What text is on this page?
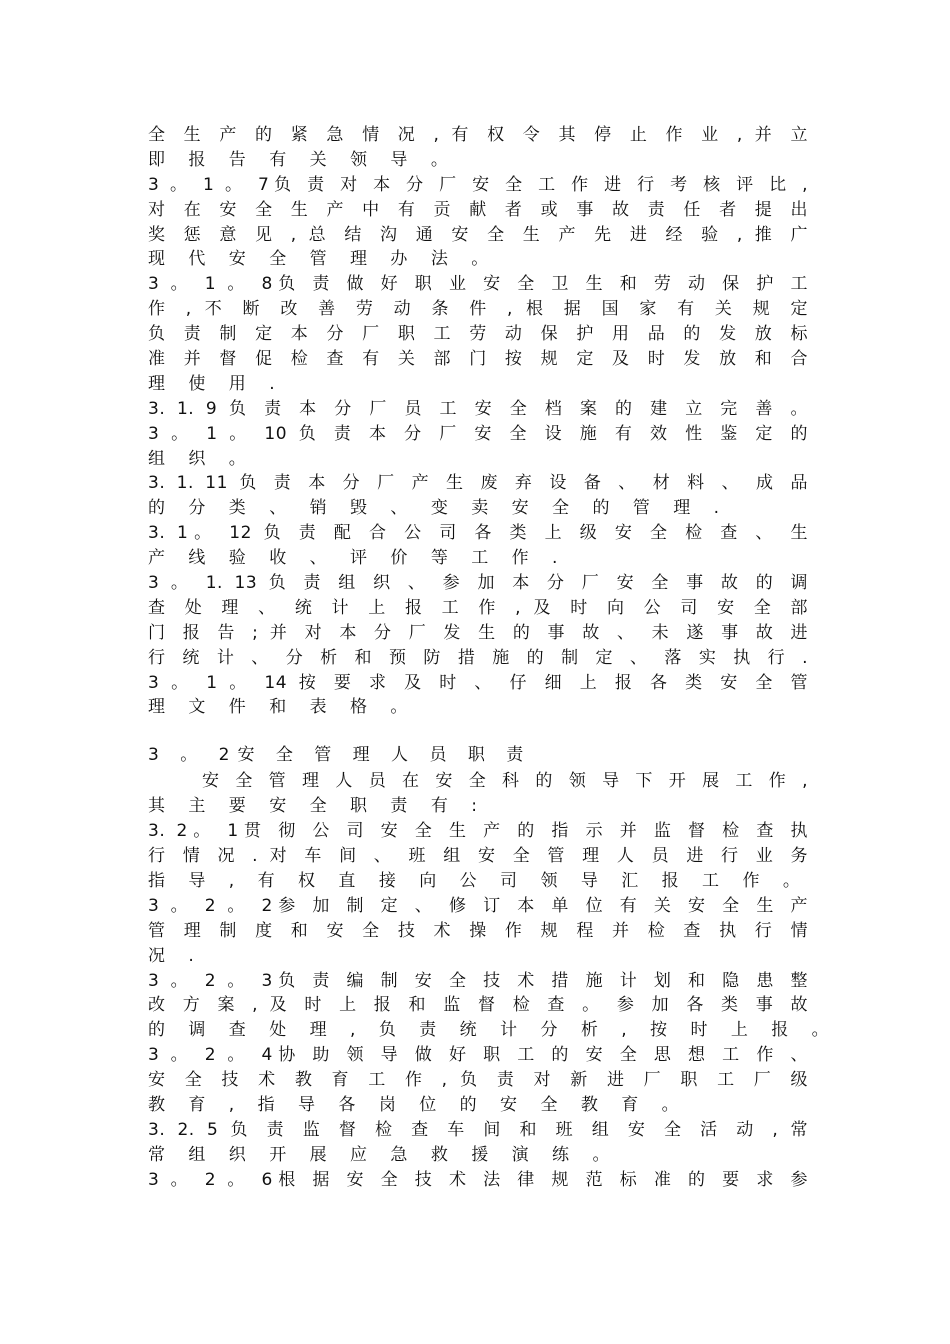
全 生 产 的 紧 急 情 况 , 有 权 令 其 停 止 作 业 , 并 立
即 报 告 有 关 领 导 。
3 。 1 。 7负 责 对 本 分 厂 安 全 工 作 进 行 考 核 评 比 ,
对 在 安 全 生 产 中 有 贡 献 者 或 事 故 责 任 者 提 出
奖 惩 意 见 , 总 结 沟 通 安 全 生 产 先 进 经 验 , 推 广
现 代 安 全 管 理 办 法 。
3 。 1 。 8负 责 做 好 职 业 安 全 卫 生 和 劳 动 保 护 工
作 , 不 断 改 善 劳 动 条 件 , 根 据 国 家 有 关 规 定
负 责 制 定 本 分 厂 职 工 劳 动 保 护 用 品 的 发 放 标
准 并 督 促 检 查 有 关 部 门 按 规 定 及 时 发 放 和 合
理 使 用 .
3. 1. 9 负 责 本 分 厂 员 工 安 全 档 案 的 建 立 完 善 。
3 。 1 。 10 负 责 本 分 厂 安 全 设 施 有 效 性 鉴 定 的
组 织 。
3. 1. 11 负 责 本 分 厂 产 生 废 弃 设 备 、 材 料 、 成 品
的 分 类 、 销 毁 、 变 卖 安 全 的 管 理 .
3. 1。 12 负 责 配 合 公 司 各 类 上 级 安 全 检 查 、 生
产 线 验 收 、 评 价 等 工 作 .
3 。 1. 13 负 责 组 织 、 参 加 本 分 厂 安 全 事 故 的 调
查 处 理 、 统 计 上 报 工 作 , 及 时 向 公 司 安 全 部
门 报 告 ; 并 对 本 分 厂 发 生 的 事 故 、 未 遂 事 故 进
行 统 计 、 分 析 和 预 防 措 施 的 制 定 、 落 实 执 行 .
3 。 1 。 14 按 要 求 及 时 、 仔 细 上 报 各 类 安 全 管
理 文 件 和 表 格 。
3 。 2安 全 管 理 人 员 职 责
安 全 管 理 人 员 在 安 全 科 的 领 导 下 开 展 工 作 ,
其 主 要 安 全 职 责 有 :
3. 2。 1贯 彻 公 司 安 全 生 产 的 指 示 并 监 督 检 查 执
行 情 况 . 对 车 间 、 班 组 安 全 管 理 人 员 进 行 业 务
指 导 , 有 权 直 接 向 公 司 领 导 汇 报 工 作 。
3 。 2 。 2参 加 制 定 、 修 订 本 单 位 有 关 安 全 生 产
管 理 制 度 和 安 全 技 术 操 作 规 程 并 检 查 执 行 情
况 .
3 。 2 。 3负 责 编 制 安 全 技 术 措 施 计 划 和 隐 患 整
改 方 案 , 及 时 上 报 和 监 督 检 查 。 参 加 各 类 事 故
的 调 查 处 理 , 负 责 统 计 分 析 , 按 时 上 报 。
3 。 2 。 4协 助 领 导 做 好 职 工 的 安 全 思 想 工 作 、
安 全 技 术 教 育 工 作 , 负 责 对 新 进 厂 职 工 厂 级
教 育 , 指 导 各 岗 位 的 安 全 教 育 。
3. 2. 5 负 责 监 督 检 查 车 间 和 班 组 安 全 活 动 , 常
常 组 织 开 展 应 急 救 援 演 练 。
3 。 2 。 6根 据 安 全 技 术 法 律 规 范 标 准 的 要 求 参
